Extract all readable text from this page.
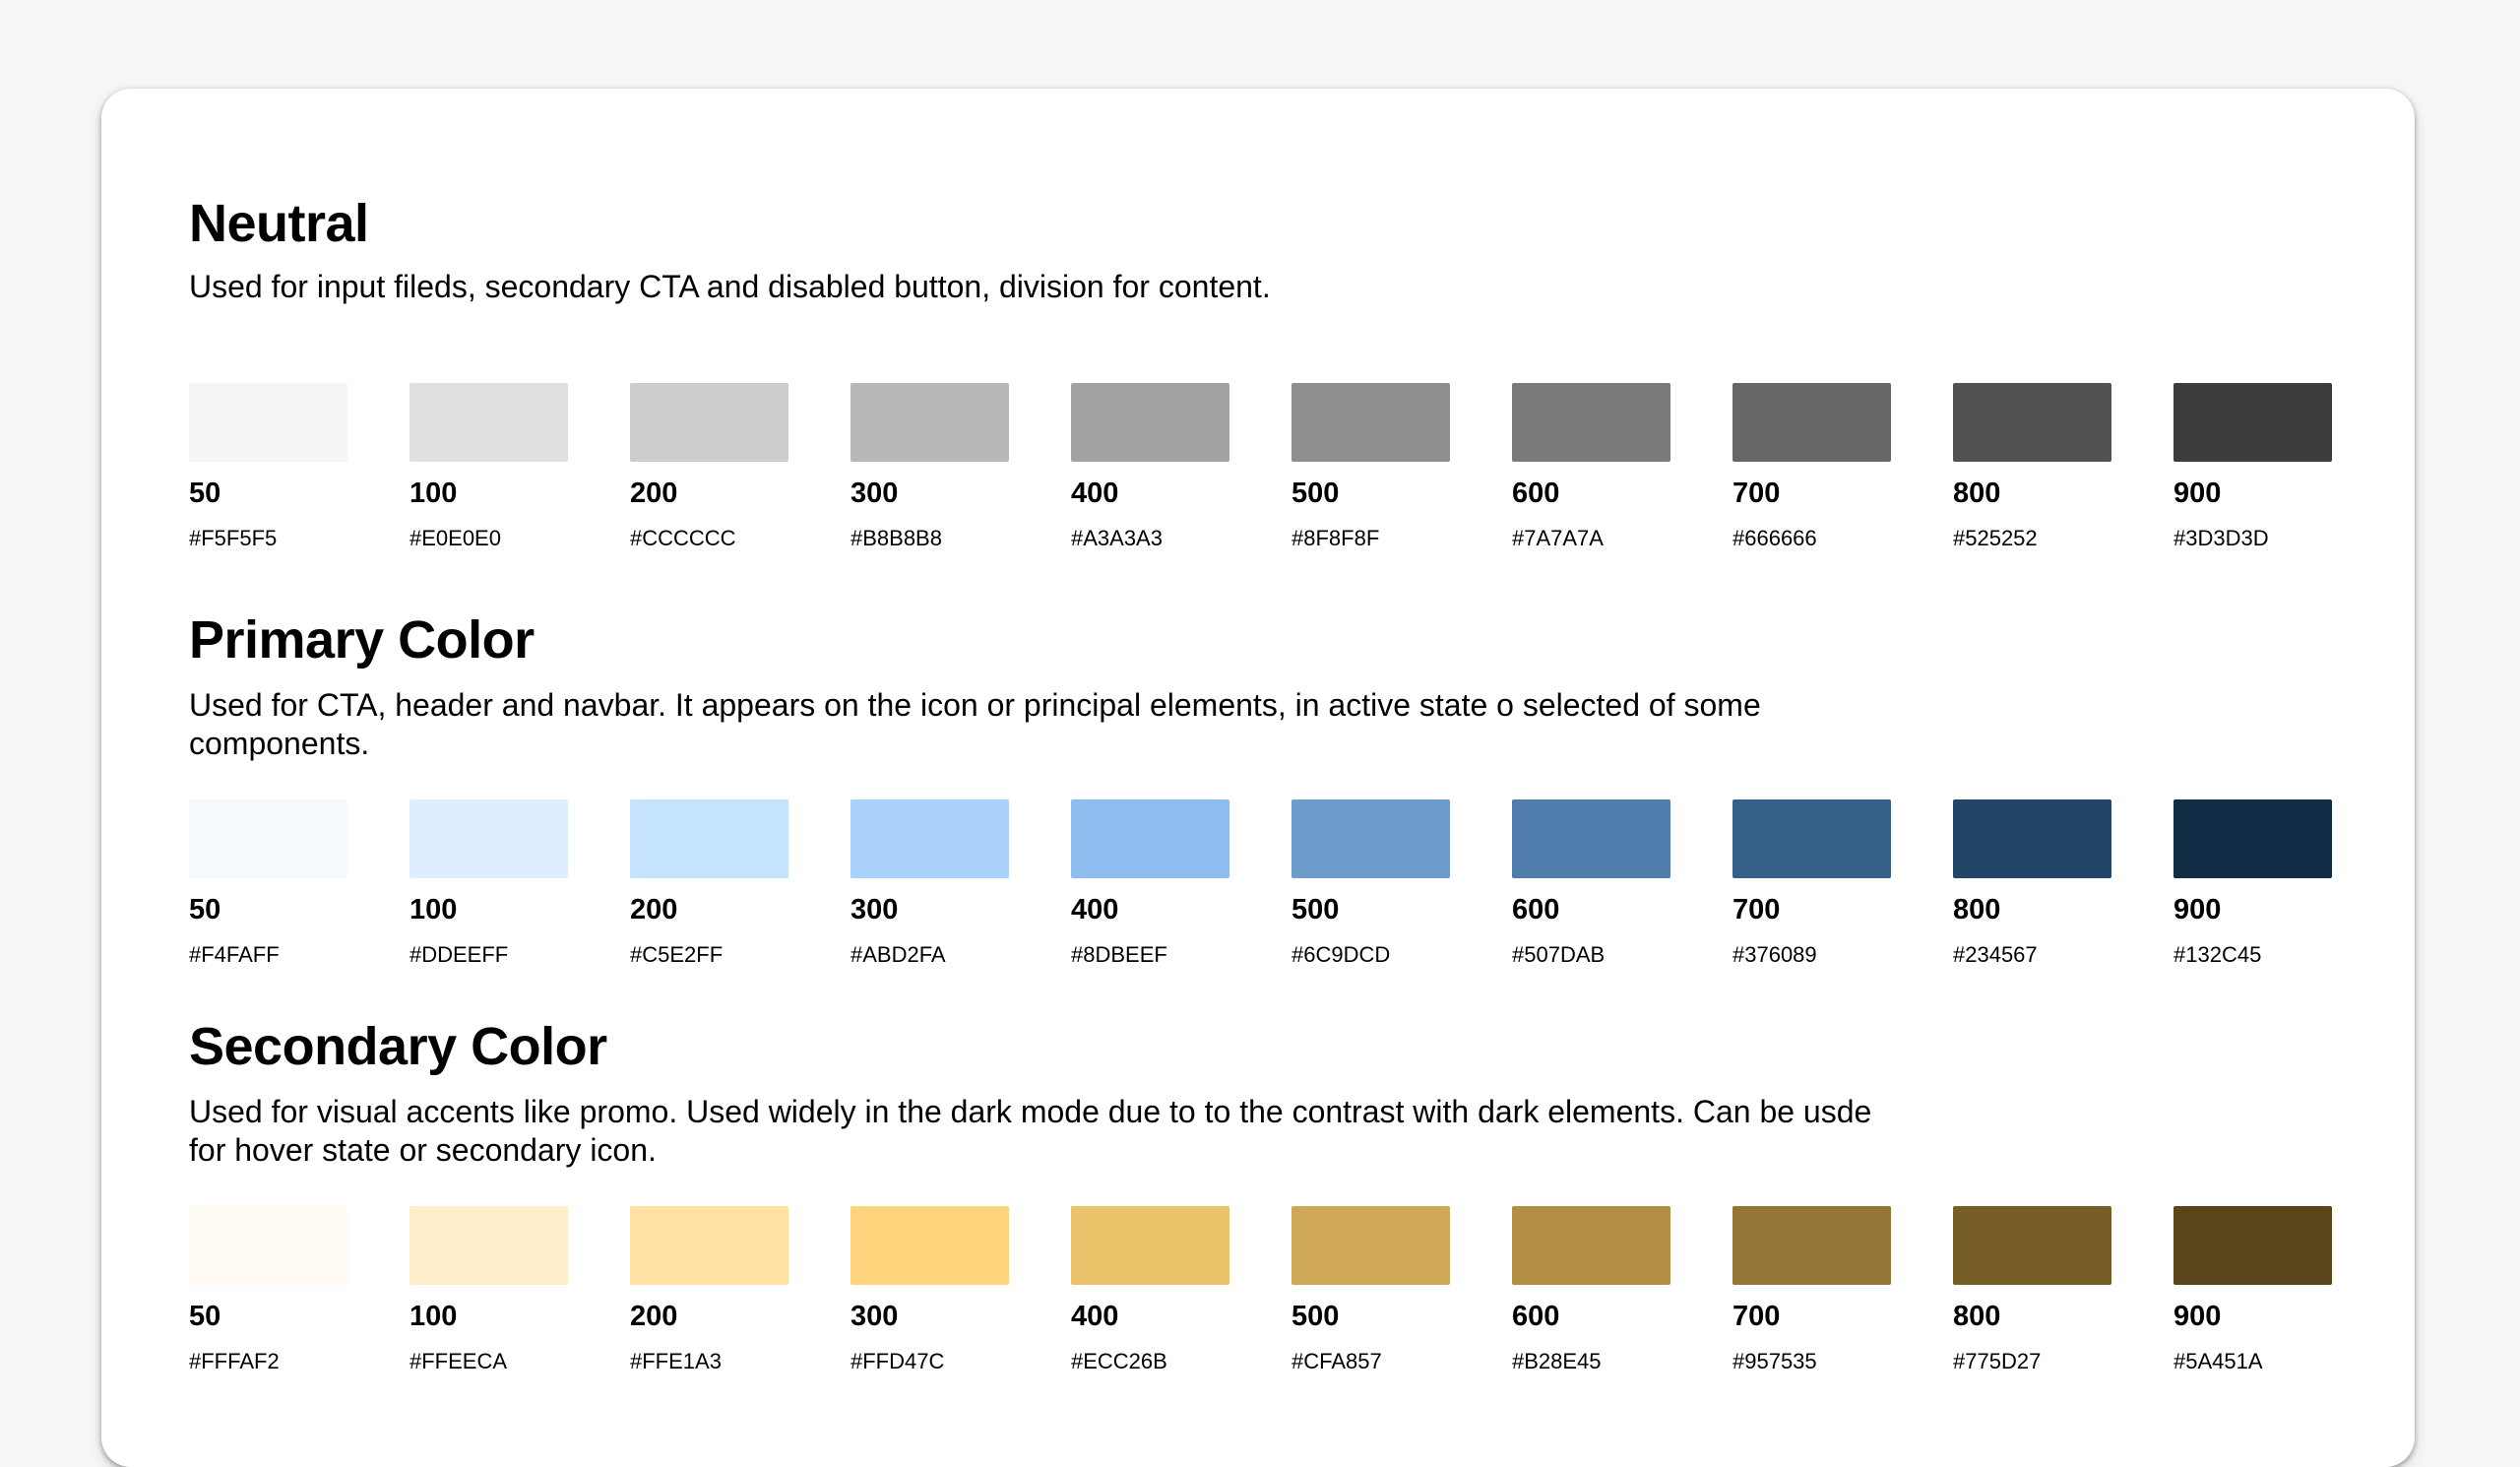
Neutral

Used for input fileds, secondary CTA and disabled button, division for content.

50
#F5F5F5
100
#E0E0E0
200
#CCCCCC
300
#B8B8B8
400
#A3A3A3
500
#8F8F8F
600
#7A7A7A
700
#666666
800
#525252
900
#3D3D3D
Primary Color

Used for CTA, header and navbar. It appears on the icon or principal elements, in active state o selected of some components.

50
#F4FAFF
100
#DDEEFF
200
#C5E2FF
300
#ABD2FA
400
#8DBEEF
500
#6C9DCD
600
#507DAB
700
#376089
800
#234567
900
#132C45
Secondary Color

Used for visual accents like promo. Used widely in the dark mode due to to the contrast with dark elements. Can be usde for hover state or secondary icon.

50
#FFFAF2
100
#FFEECA
200
#FFE1A3
300
#FFD47C
400
#ECC26B
500
#CFA857
600
#B28E45
700
#957535
800
#775D27
900
#5A451A
